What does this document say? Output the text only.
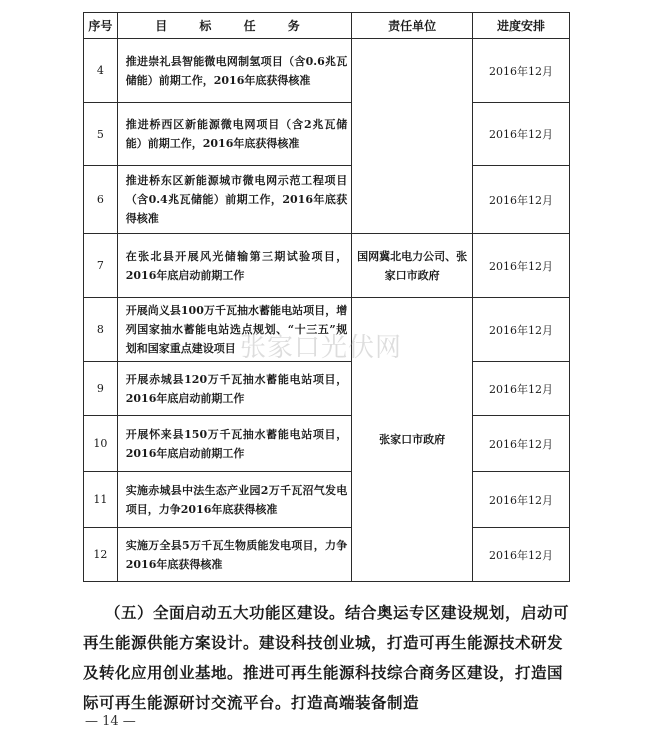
序号	目 标 任 务	责任单位	进度安排
4	推进崇礼县智能微电网制氢项目（含0.6兆瓦储能）前期工作，2016年底获得核准		2016年12月
5	推进桥西区新能源微电网项目（含2兆瓦储能）前期工作，2016年底获得核准		2016年12月
6	推进桥东区新能源城市微电网示范工程项目（含0.4兆瓦储能）前期工作，2016年底获得核准		2016年12月
7	在张北县开展风光储输第三期试验项目，2016年底启动前期工作	国网冀北电力公司、张家口市政府	2016年12月
8	开展尚义县100万千瓦抽水蓄能电站项目，增列国家抽水蓄能电站选点规划、“十三五”规划和国家重点建设项目	张家口市政府	2016年12月
9	开展赤城县120万千瓦抽水蓄能电站项目，2016年底启动前期工作		2016年12月
10	开展怀来县150万千瓦抽水蓄能电站项目，2016年底启动前期工作		2016年12月
11	实施赤城县中法生态产业园2万千瓦沼气发电项目，力争2016年底获得核准		2016年12月
12	实施万全县5万千瓦生物质能发电项目，力争2016年底获得核准		2016年12月
张家口光伏网

（五）全面启动五大功能区建设。结合奥运专区建设规划，启动可再生能源供能方案设计。建设科技创业城，打造可再生能源技术研发及转化应用创业基地。推进可再生能源科技综合商务区建设，打造国际可再生能源研讨交流平台。打造高端装备制造

— 14 —
